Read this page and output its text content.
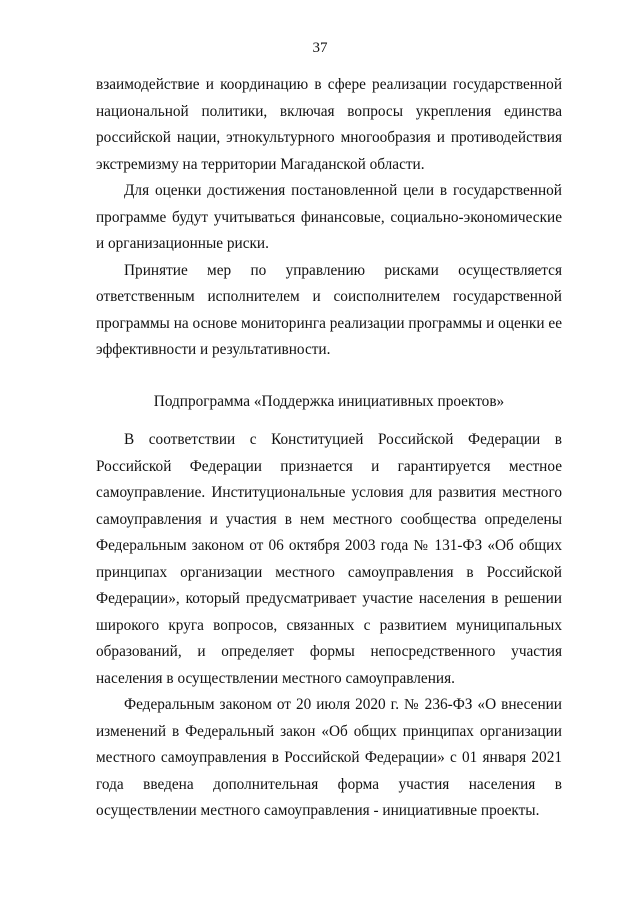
37

взаимодействие и координацию в сфере реализации государственной национальной политики, включая вопросы укрепления единства российской нации, этнокультурного многообразия и противодействия экстремизму на территории Магаданской области.

Для оценки достижения постановленной цели в государственной программе будут учитываться финансовые, социально-экономические и организационные риски.

Принятие мер по управлению рисками осуществляется ответственным исполнителем и соисполнителем государственной программы на основе мониторинга реализации программы и оценки ее эффективности и результативности.

Подпрограмма «Поддержка инициативных проектов»

В соответствии с Конституцией Российской Федерации в Российской Федерации признается и гарантируется местное самоуправление. Институциональные условия для развития местного самоуправления и участия в нем местного сообщества определены Федеральным законом от 06 октября 2003 года № 131-ФЗ «Об общих принципах организации местного самоуправления в Российской Федерации», который предусматривает участие населения в решении широкого круга вопросов, связанных с развитием муниципальных образований, и определяет формы непосредственного участия населения в осуществлении местного самоуправления.

Федеральным законом от 20 июля 2020 г. № 236-ФЗ «О внесении изменений в Федеральный закон «Об общих принципах организации местного самоуправления в Российской Федерации» с 01 января 2021 года введена дополнительная форма участия населения в осуществлении местного самоуправления - инициативные проекты.
